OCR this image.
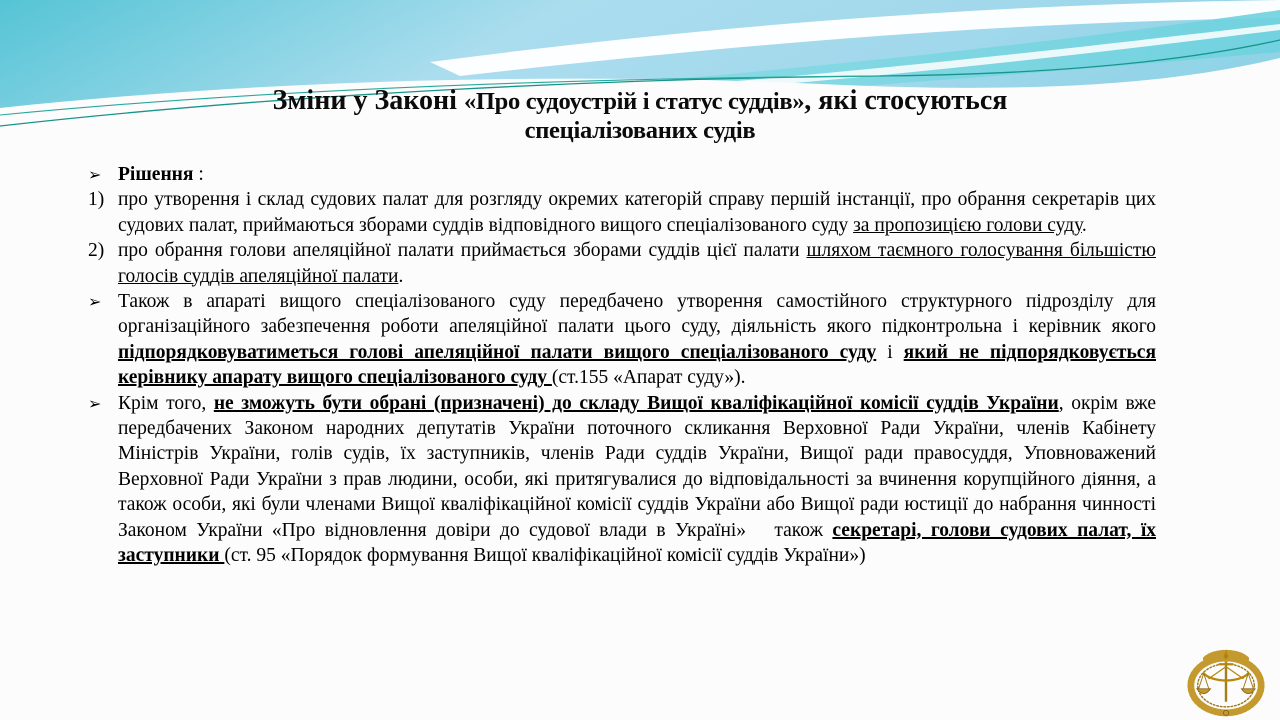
Зміни у Законі «Про судоустрій і статус суддів», які стосуються
спеціалізованих судів
➢ Рішення :
1) про утворення і склад судових палат для розгляду окремих категорій справу першій інстанції, про обрання секретарів цих судових палат, приймаються зборами суддів відповідного вищого спеціалізованого суду за пропозицією голови суду.
2) про обрання голови апеляційної палати приймається зборами суддів цієї палати шляхом таємного голосування більшістю голосів суддів апеляційної палати.
➢ Також в апараті вищого спеціалізованого суду передбачено утворення самостійного структурного підрозділу для організаційного забезпечення роботи апеляційної палати цього суду, діяльність якого підконтрольна і керівник якого підпорядковуватиметься голові апеляційної палати вищого спеціалізованого суду і який не підпорядковується керівнику апарату вищого спеціалізованого суду (ст.155 «Апарат суду»).
➢ Крім того, не зможуть бути обрані (призначені) до складу Вищої кваліфікаційної комісії суддів України, окрім вже передбачених Законом народних депутатів України поточного скликання Верховної Ради України, членів Кабінету Міністрів України, голів судів, їх заступників, членів Ради суддів України, Вищої ради правосуддя, Уповноважений Верховної Ради України з прав людини, особи, які притягувалися до відповідальності за вчинення корупційного діяння, а також особи, які були членами Вищої кваліфікаційної комісії суддів України або Вищої ради юстиції до набрання чинності Законом України «Про відновлення довіри до судової влади в Україні»   також секретарі, голови судових палат, їх заступники (ст. 95 «Порядок формування Вищої кваліфікаційної комісії суддів України»)
